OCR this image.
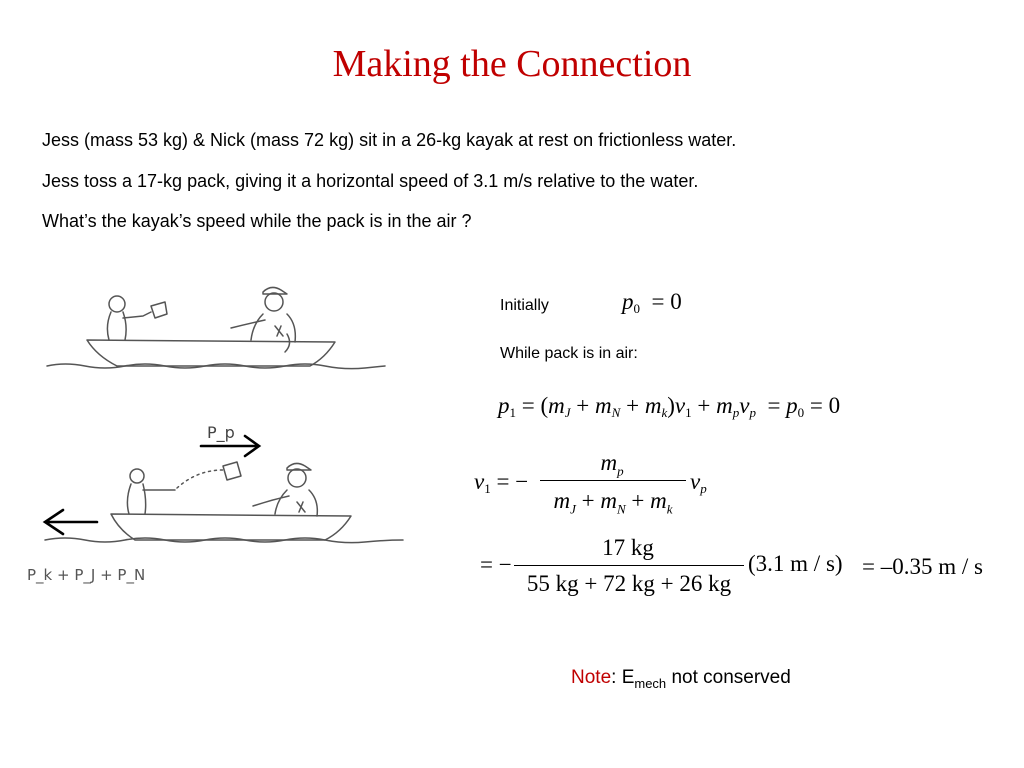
Making the Connection
Jess (mass 53 kg) & Nick (mass 72 kg) sit in a 26-kg kayak at rest on frictionless water.
Jess toss a 17-kg pack, giving it a horizontal speed of 3.1 m/s relative to the water.
What’s the kayak’s speed while the pack is in the air ?
P_p
P_k + P_J + P_N
Initially	$p_0 = 0$
While pack is in air:
$p_1 = (m_J + m_N + m_k)v_1 + m_pv_p = p_0 = 0$
$v_1$ = −
$m_p$
$m_J + m_N + m_k$
$v_p$
= −
17 kg
55 kg + 72 kg + 26 kg
(3.1 m / s) = –0.35 m / s
Note: $E_{mech}$ not conserved
